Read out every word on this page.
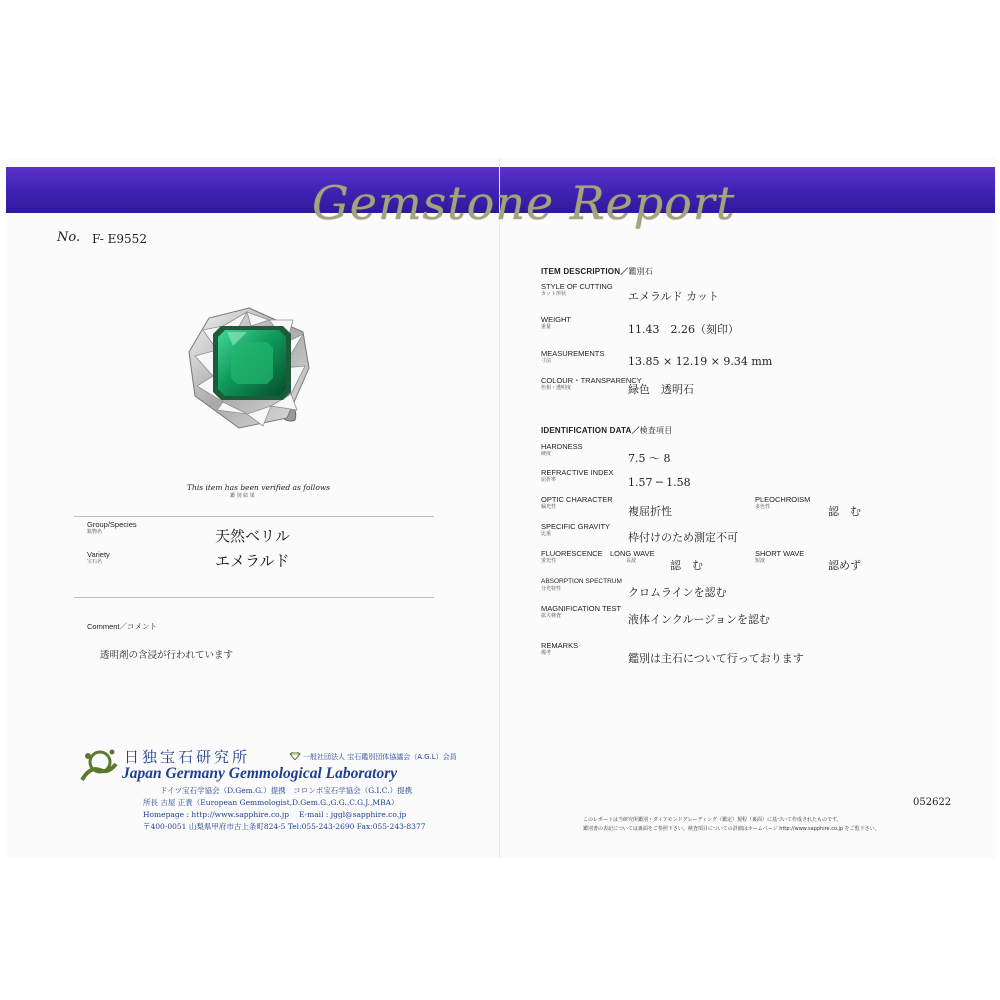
Gemstone Report
No. F- E9552
This item has been verified as follows
鑑 別 結 果
Group/Species
鉱物名	天然ベリル
Variety
宝石名	エメラルド
Comment／コメント
透明剤の含浸が行われています
日独宝石研究所	一般社団法人 宝石鑑別団体協議会（A.G.L）会員
Japan Germany Gemmological Laboratory
ドイツ宝石学協会（D.Gem.G.）提携　コロンボ宝石学協会（G.I.C.）提携
所長 古屋 正貴（European Gemmologist,D.Gem.G.,G.G.,C.G.J.,MBA）
Homepage : http://www.sapphire.co.jp　 E-mail : jggl@sapphire.co.jp
〒400-0051 山梨県甲府市古上条町824-5 Tel:055-243-2690 Fax:055-243-8377
ITEM DESCRIPTION／鑑別石
STYLE OF CUTTING
カット形状	エメラルド カット
WEIGHT
重量	11.43　2.26（刻印）
MEASUREMENTS
寸法	13.85 × 12.19 × 9.34 mm
COLOUR・TRANSPARENCY
色相・透明度	緑色　透明石
IDENTIFICATION DATA／検査項目
HARDNESS
硬度	7.5 ～ 8
REFRACTIVE INDEX
屈折率	1.57 ─ 1.58
OPTIC CHARACTER
偏光性	複屈折性
PLEOCHROISM
多色性	認　む
SPECIFIC GRAVITY
比重	枠付けのため測定不可
FLUORESCENCE
蛍光性
LONG WAVE
長波	認　む
SHORT WAVE
短波	認めず
ABSORPTION SPECTRUM
分光特性	クロムラインを認む
MAGNIFICATION TEST
拡大検査	液体インクルージョンを認む
REMARKS
備考	鑑別は主石について行っております
052622
このレポートは当研究所鑑別・ダイアモンドグレーディング（鑑定）規程（裏面）に基づいて作成されたものです。
鑑別書の表記については裏面をご参照下さい。検査項目についての詳細はホームページ http://www.sapphire.co.jp をご覧下さい。
